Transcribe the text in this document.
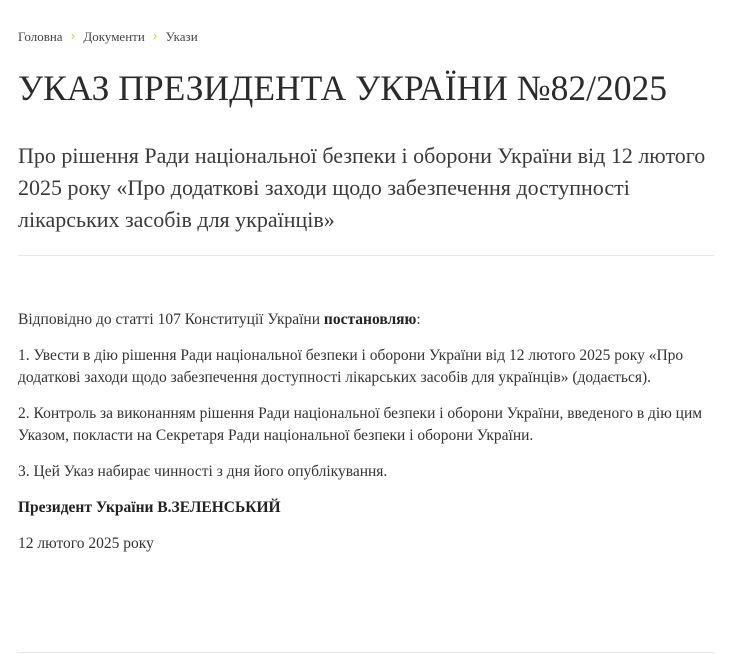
Головна › Документи › Укази
УКАЗ ПРЕЗИДЕНТА УКРАЇНИ №82/2025
Про рішення Ради національної безпеки і оборони України від 12 лютого 2025 року «Про додаткові заходи щодо забезпечення доступності лікарських засобів для українців»

Відповідно до статті 107 Конституції України постановляю:

1. Увести в дію рішення Ради національної безпеки і оборони України від 12 лютого 2025 року «Про додаткові заходи щодо забезпечення доступності лікарських засобів для українців» (додається).

2. Контроль за виконанням рішення Ради національної безпеки і оборони України, введеного в дію цим Указом, покласти на Секретаря Ради національної безпеки і оборони України.

3. Цей Указ набирає чинності з дня його опублікування.

Президент України В.ЗЕЛЕНСЬКИЙ

12 лютого 2025 року
